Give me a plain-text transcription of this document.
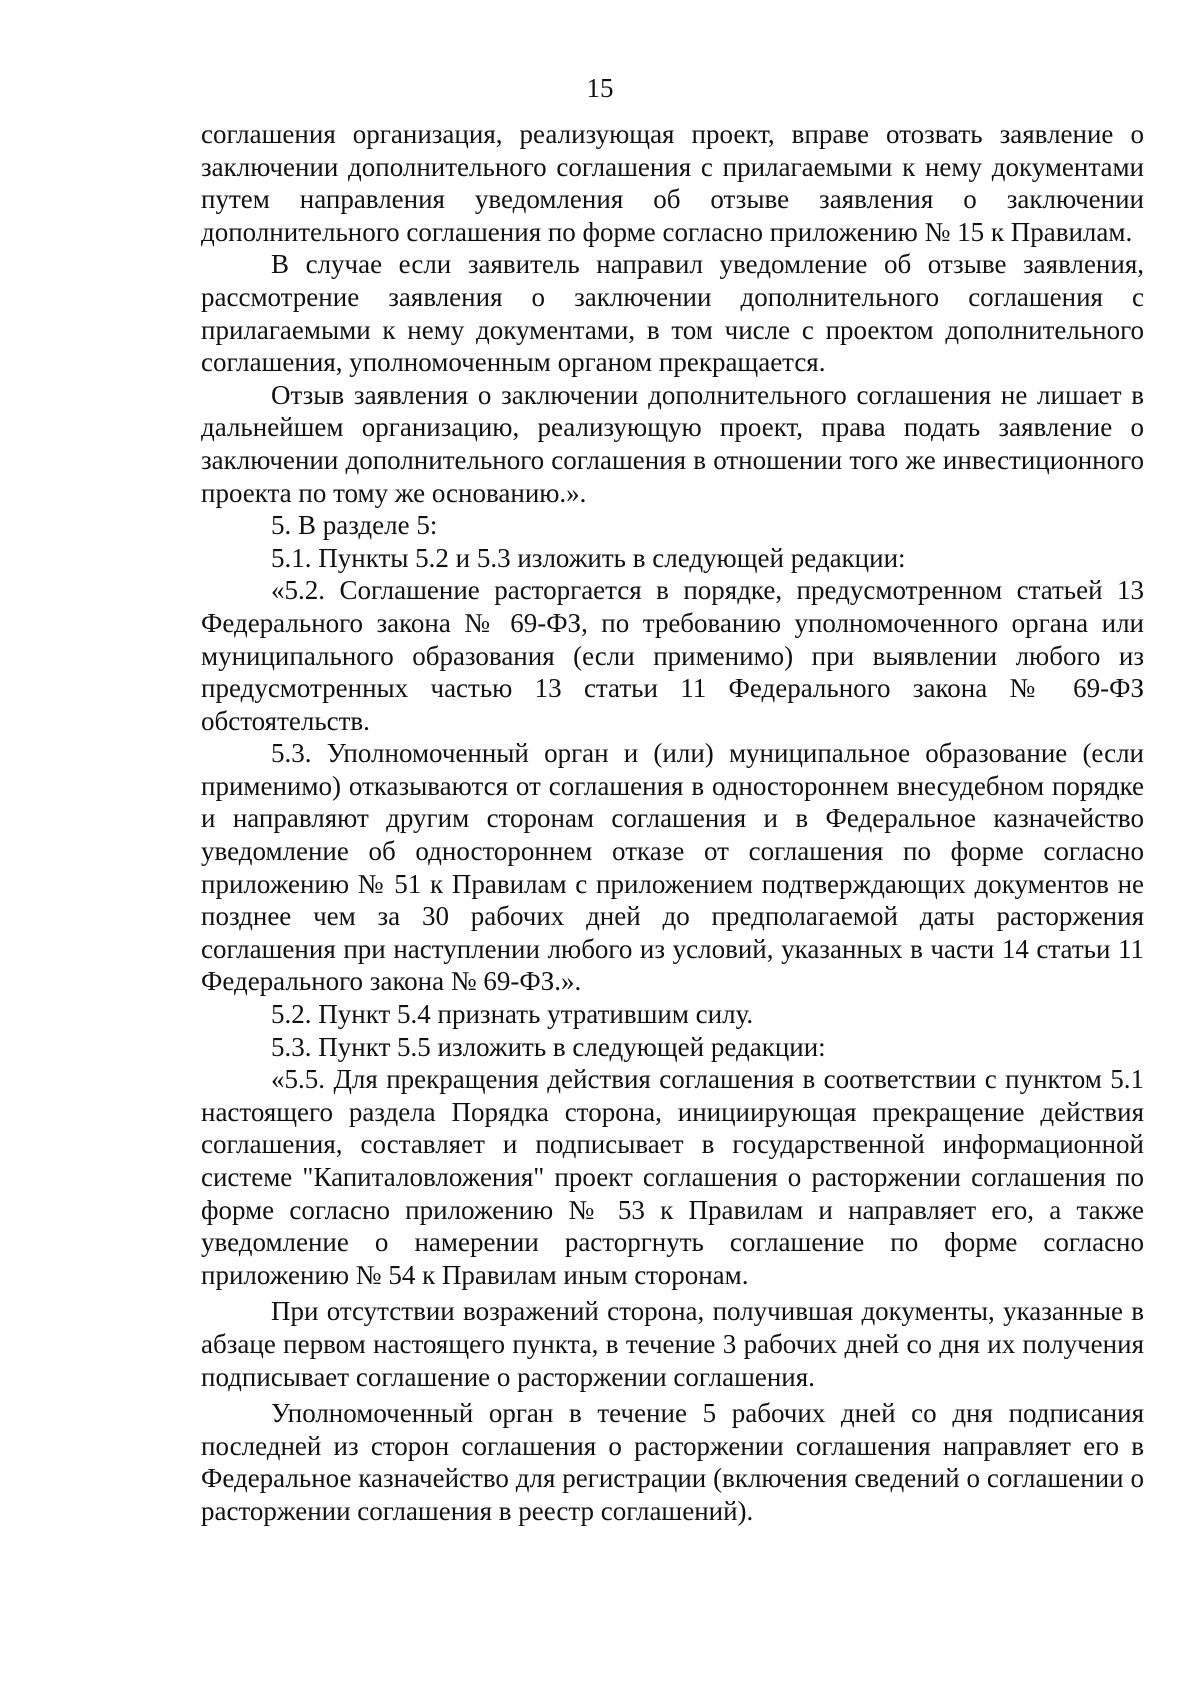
15

соглашения организация, реализующая проект, вправе отозвать заявление о заключении дополнительного соглашения с прилагаемыми к нему документами путем направления уведомления об отзыве заявления о заключении дополнительного соглашения по форме согласно приложению № 15 к Правилам.

В случае если заявитель направил уведомление об отзыве заявления, рассмотрение заявления о заключении дополнительного соглашения с прилагаемыми к нему документами, в том числе с проектом дополнительного соглашения, уполномоченным органом прекращается.

Отзыв заявления о заключении дополнительного соглашения не лишает в дальнейшем организацию, реализующую проект, права подать заявление о заключении дополнительного соглашения в отношении того же инвестиционного проекта по тому же основанию.».

5. В разделе 5:

5.1. Пункты 5.2 и 5.3 изложить в следующей редакции:

«5.2. Соглашение расторгается в порядке, предусмотренном статьей 13 Федерального закона № 69-ФЗ, по требованию уполномоченного органа или муниципального образования (если применимо) при выявлении любого из предусмотренных частью 13 статьи 11 Федерального закона № 69-ФЗ обстоятельств.

5.3. Уполномоченный орган и (или) муниципальное образование (если применимо) отказываются от соглашения в одностороннем внесудебном порядке и направляют другим сторонам соглашения и в Федеральное казначейство уведомление об одностороннем отказе от соглашения по форме согласно приложению № 51 к Правилам с приложением подтверждающих документов не позднее чем за 30 рабочих дней до предполагаемой даты расторжения соглашения при наступлении любого из условий, указанных в части 14 статьи 11 Федерального закона № 69-ФЗ.».

5.2. Пункт 5.4 признать утратившим силу.

5.3. Пункт 5.5 изложить в следующей редакции:

«5.5. Для прекращения действия соглашения в соответствии с пунктом 5.1 настоящего раздела Порядка сторона, инициирующая прекращение действия соглашения, составляет и подписывает в государственной информационной системе "Капиталовложения" проект соглашения о расторжении соглашения по форме согласно приложению № 53 к Правилам и направляет его, а также уведомление о намерении расторгнуть соглашение по форме согласно приложению № 54 к Правилам иным сторонам.

При отсутствии возражений сторона, получившая документы, указанные в абзаце первом настоящего пункта, в течение 3 рабочих дней со дня их получения подписывает соглашение о расторжении соглашения.

Уполномоченный орган в течение 5 рабочих дней со дня подписания последней из сторон соглашения о расторжении соглашения направляет его в Федеральное казначейство для регистрации (включения сведений о соглашении о расторжении соглашения в реестр соглашений).
